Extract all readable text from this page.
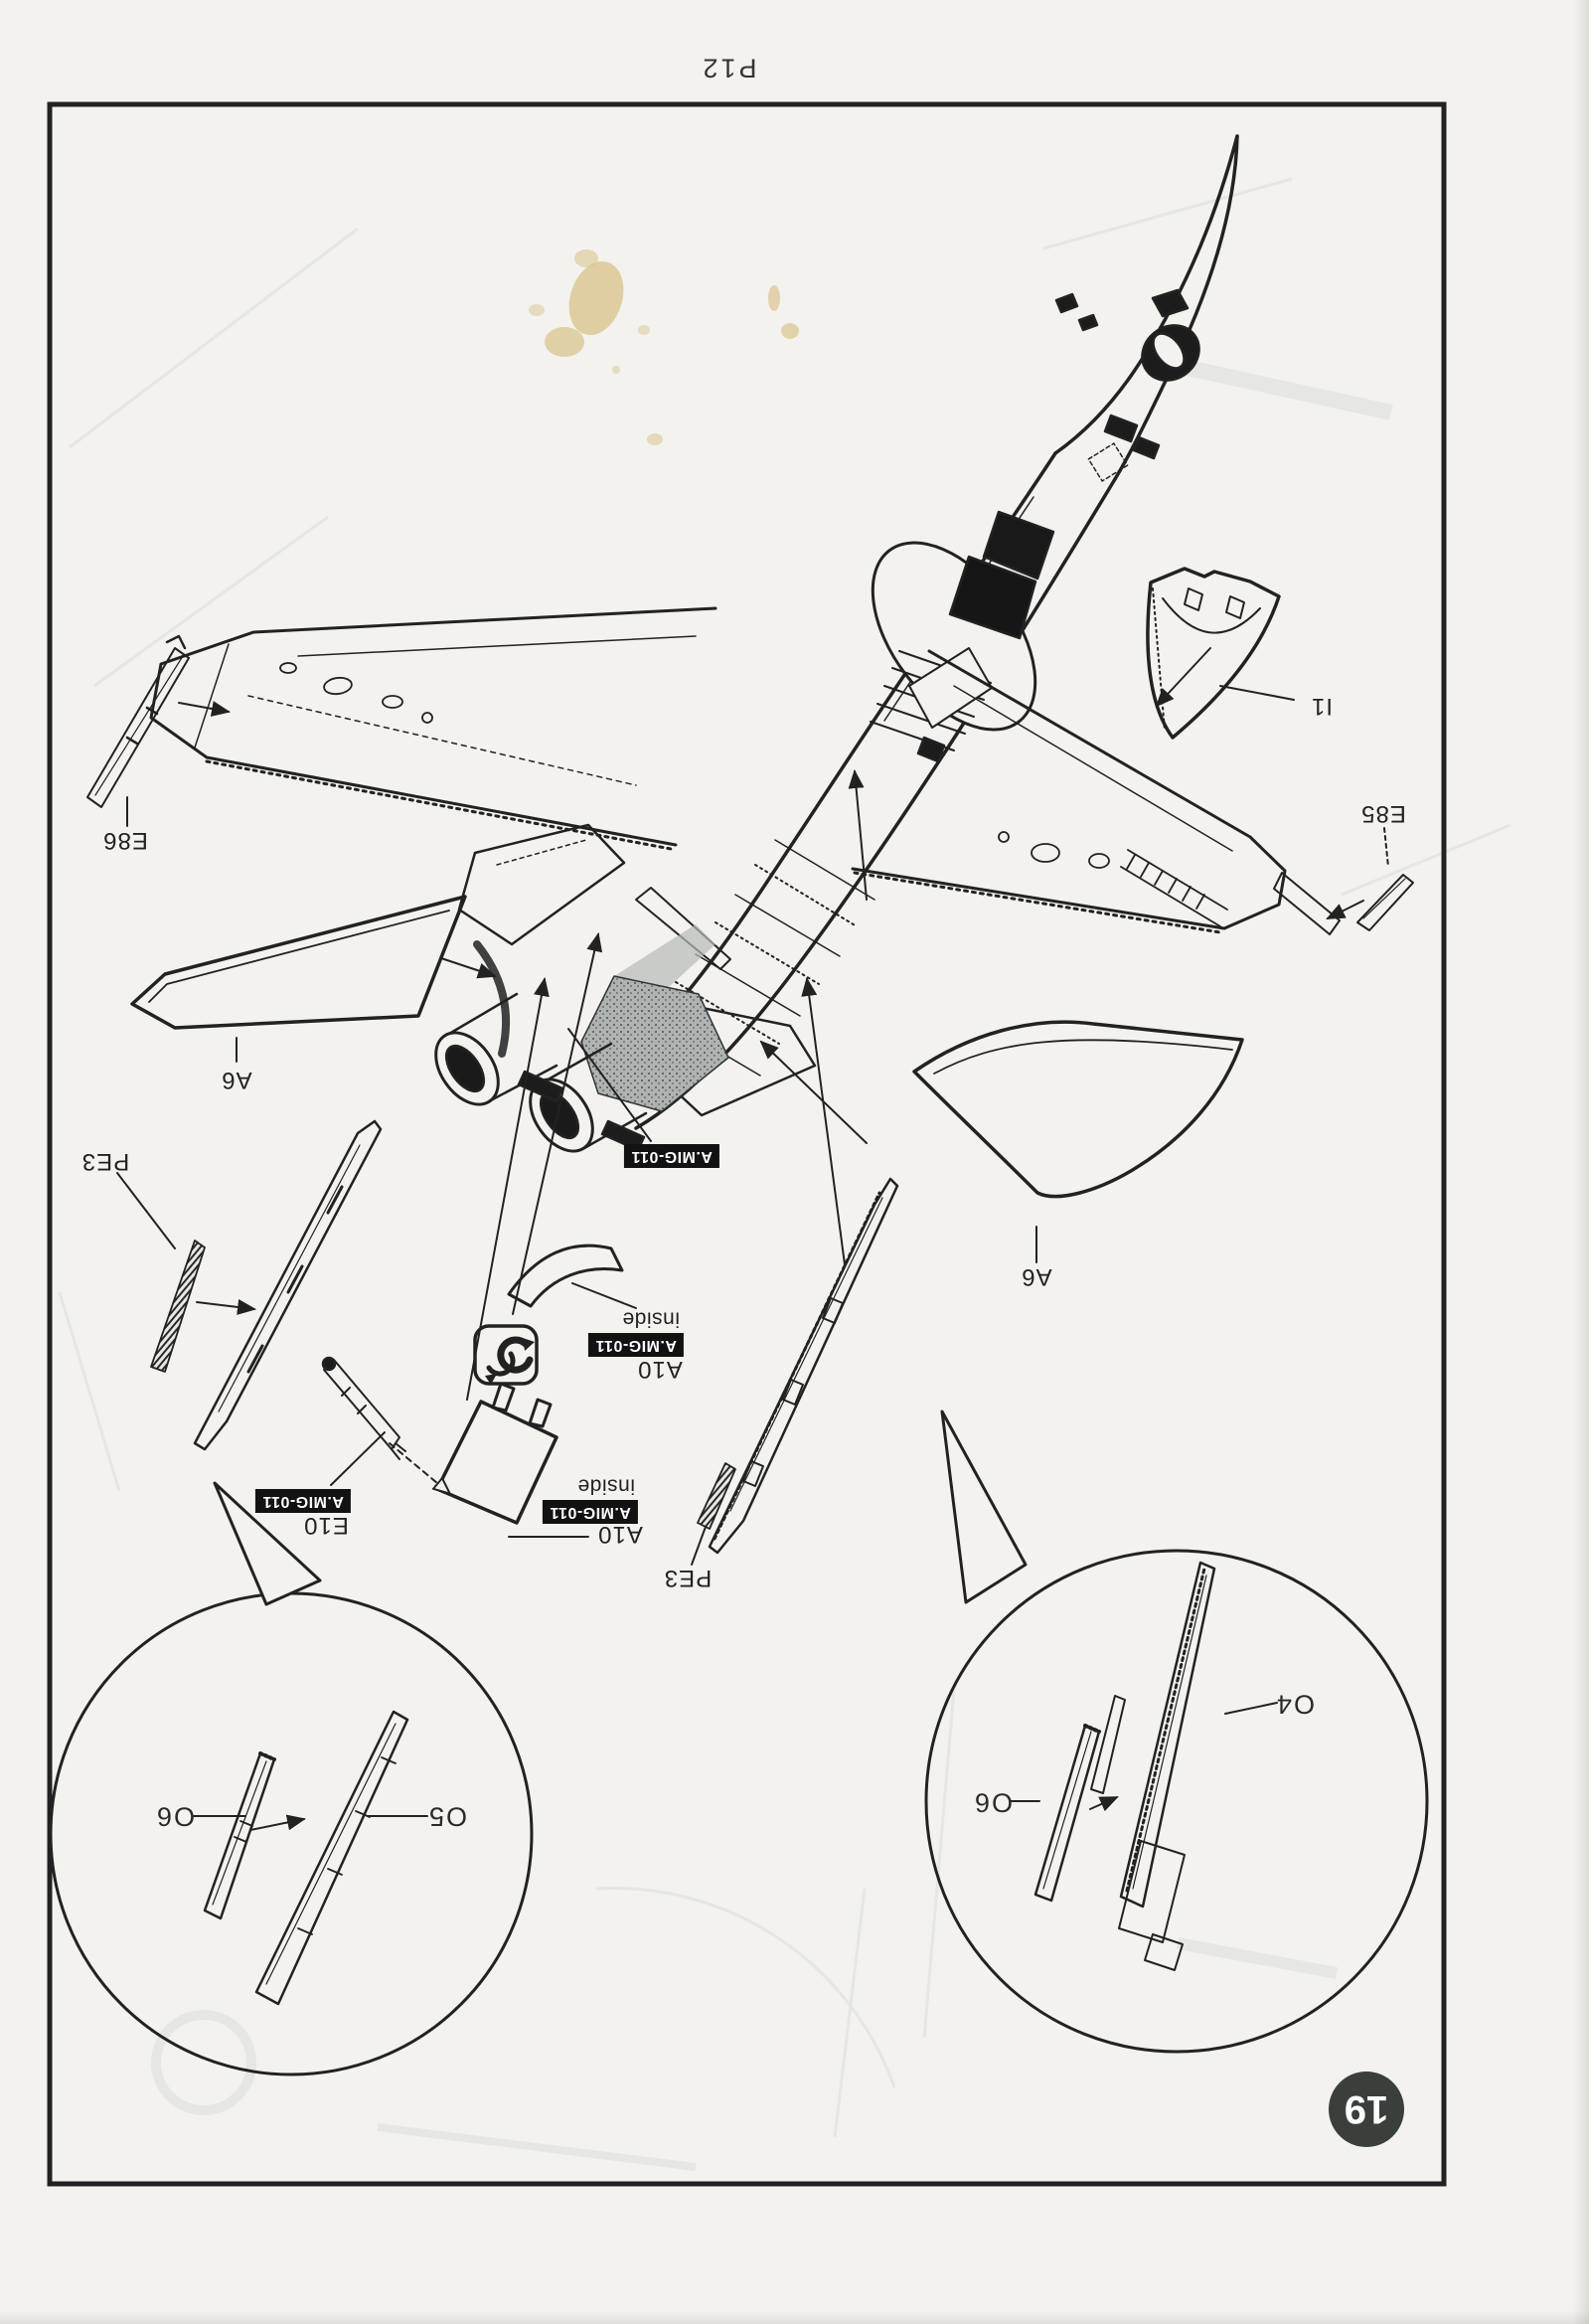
P12
I1
E85
E86
A6
PE3	A.MIG-011
inside
A.MIG-011
A10
inside
A.MIG-011
A10
A.MIG-011
E10
PE3
A6
O6	O5
O4
O6
19
